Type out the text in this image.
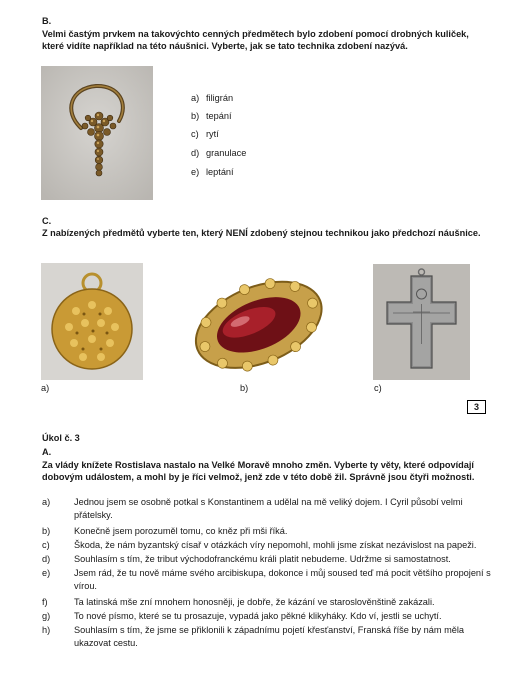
B.
Velmi častým prvkem na takovýchto cenných předmětech bylo zdobení pomocí drobných kuliček, které vidíte například na této náušnici. Vyberte, jak se tato technika zdobení nazývá.
a) filigrán
b) tepání
c) rytí
d) granulace
e) leptání
C.
Z nabízených předmětů vyberte ten, který NENÍ zdobený stejnou technikou jako předchozí náušnice.
a)	b)	c)
3
Úkol č. 3
A.
Za vlády knížete Rostislava nastalo na Velké Moravě mnoho změn. Vyberte ty věty, které odpovídají dobovým událostem, a mohl by je říci velmož, jenž zde v této době žil. Správně jsou čtyři možnosti.
a)	Jednou jsem se osobně potkal s Konstantinem a udělal na mě veliký dojem. I Cyril působí velmi přátelsky.
b)	Konečně jsem porozuměl tomu, co kněz při mši říká.
c)	Škoda, že nám byzantský císař v otázkách víry nepomohl, mohli jsme získat nezávislost na papeži.
d)	Souhlasím s tím, že tribut východofranckému králi platit nebudeme. Udržme si samostatnost.
e)	Jsem rád, že tu nově máme svého arcibiskupa, dokonce i můj soused teď má pocit většího propojení s vírou.
f)	Ta latinská mše zní mnohem honosněji, je dobře, že kázání ve staroslověnštině zakázali.
g)	To nové písmo, které se tu prosazuje, vypadá jako pěkné klikyháky. Kdo ví, jestli se uchytí.
h)	Souhlasím s tím, že jsme se přiklonili k západnímu pojetí křesťanství, Franská říše by nám měla ukazovat cestu.
